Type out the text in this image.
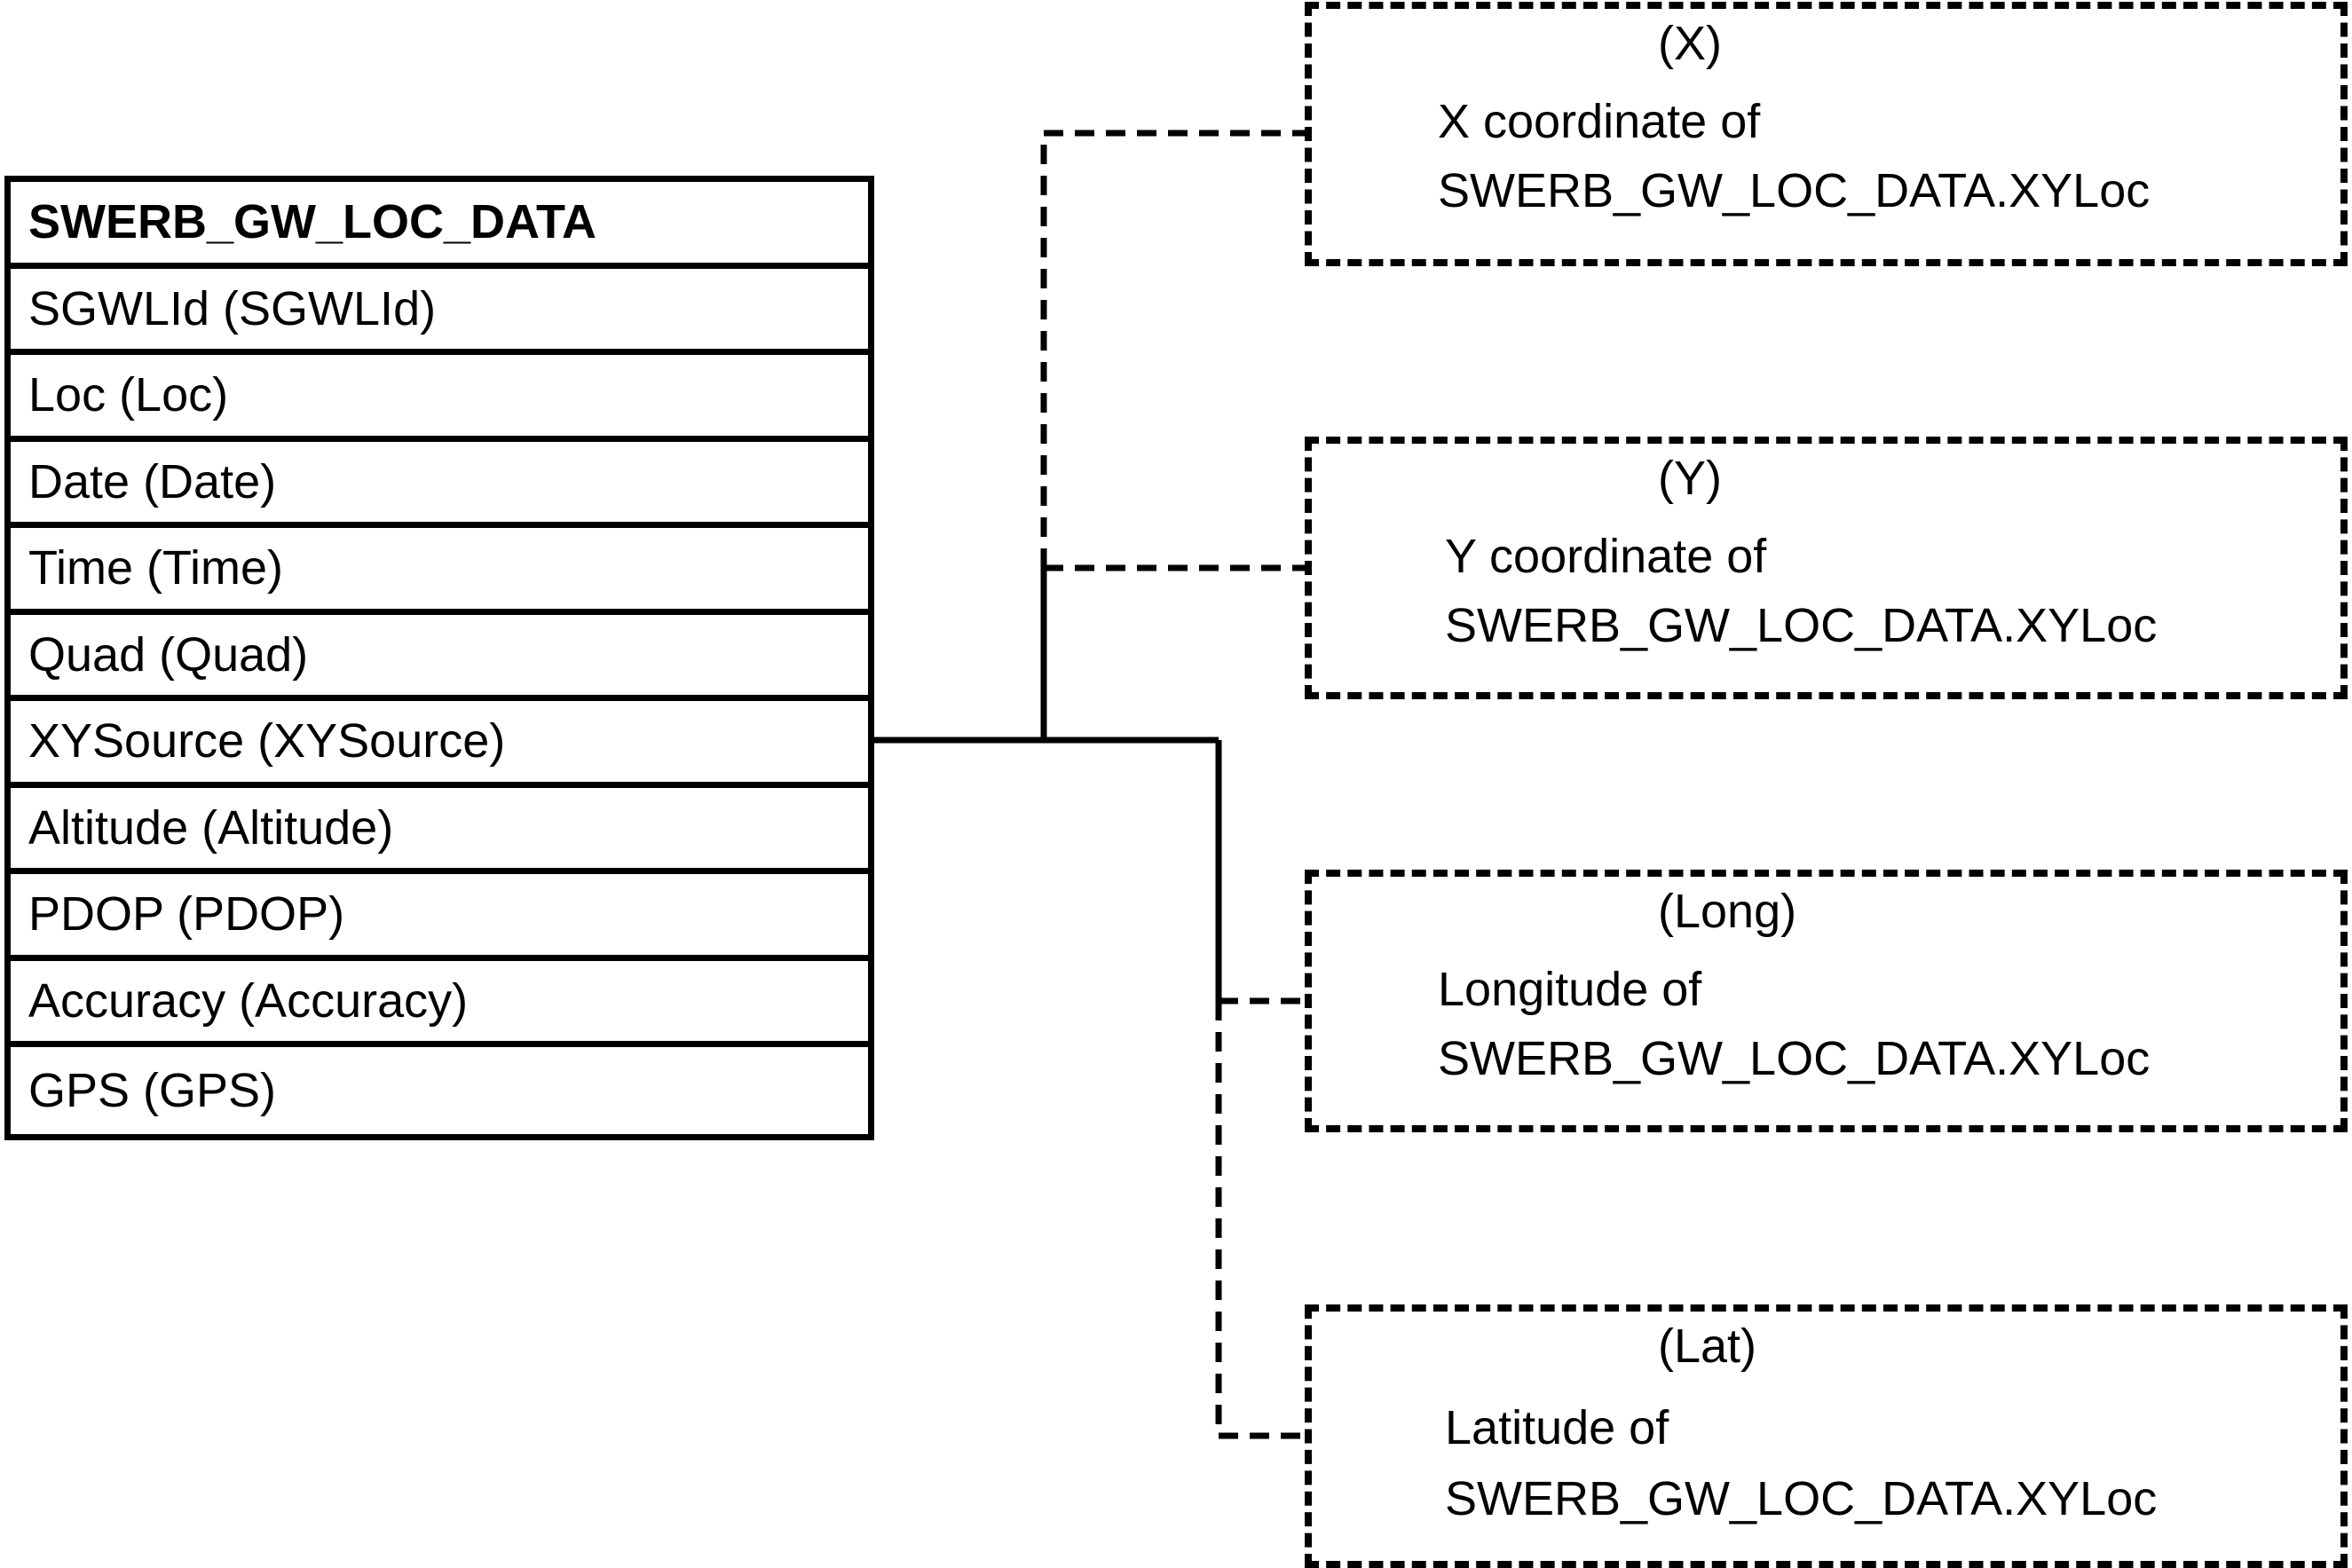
SWERB_GW_LOC_DATA
SGWLId (SGWLId)
Loc (Loc)
Date (Date)
Time (Time)
Quad (Quad)
XYSource (XYSource)
Altitude (Altitude)
PDOP (PDOP)
Accuracy (Accuracy)
GPS (GPS)
(X)
X coordinate of
SWERB_GW_LOC_DATA.XYLoc
(Y)
Y coordinate of
SWERB_GW_LOC_DATA.XYLoc
(Long)
Longitude of
SWERB_GW_LOC_DATA.XYLoc
(Lat)
Latitude of
SWERB_GW_LOC_DATA.XYLoc
